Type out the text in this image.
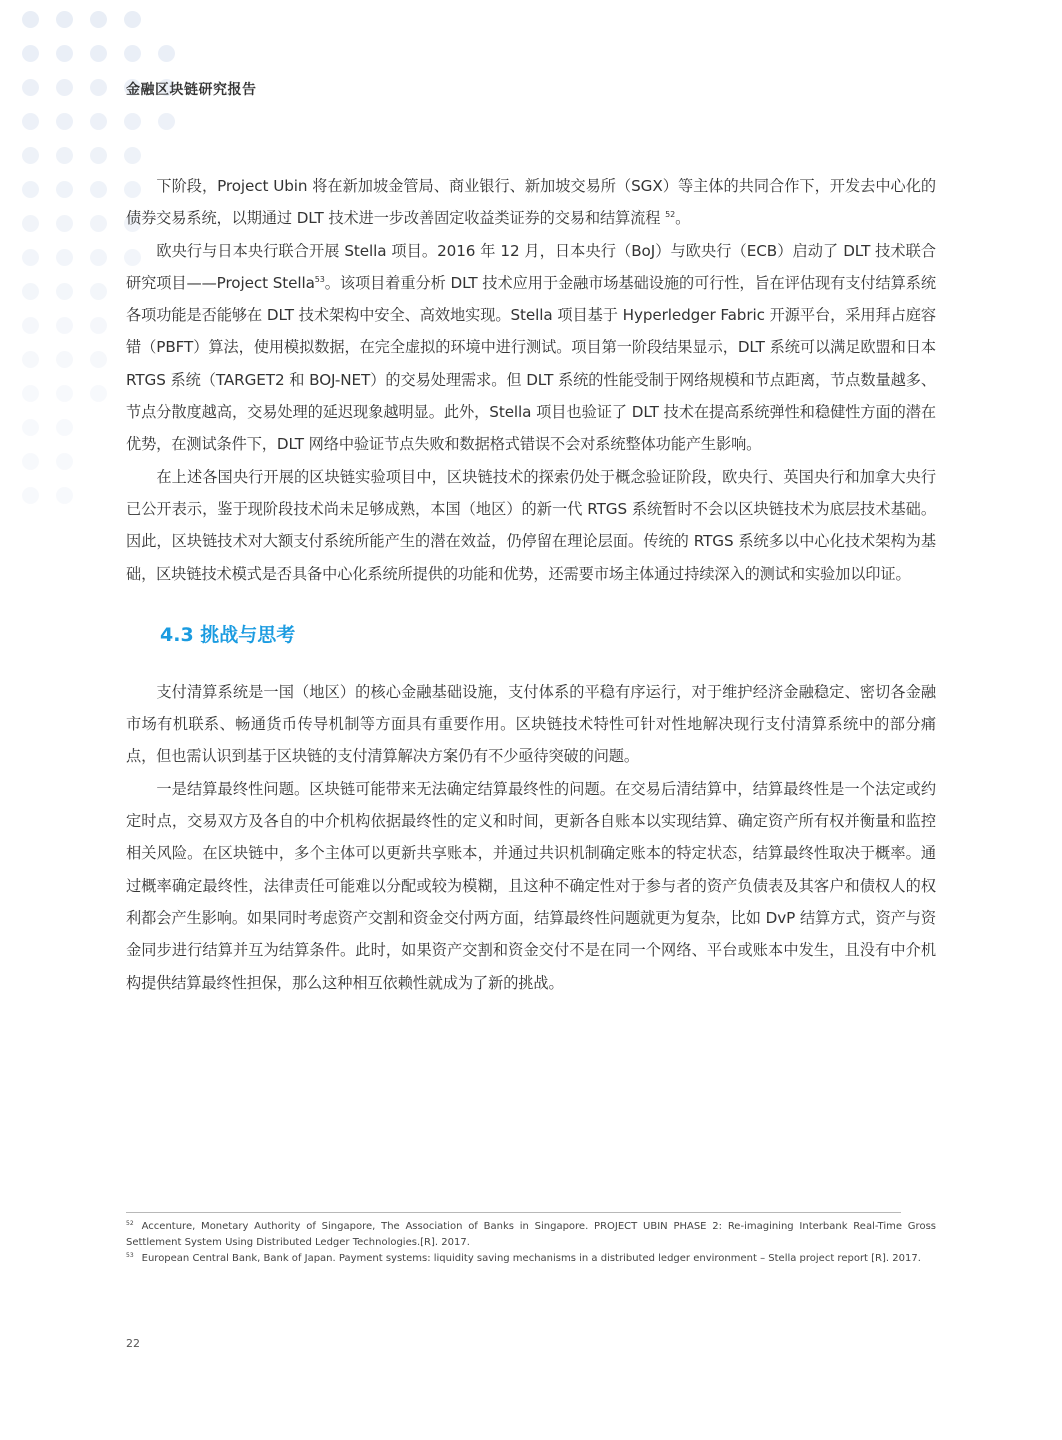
金融区块链研究报告

下阶段，Project Ubin 将在新加坡金管局、商业银行、新加坡交易所（SGX）等主体的共同合作下，开发去中心化的债券交易系统，以期通过 DLT 技术进一步改善固定收益类证券的交易和结算流程 $^{52}$。

欧央行与日本央行联合开展 Stella 项目。2016 年 12 月，日本央行（BoJ）与欧央行（ECB）启动了 DLT 技术联合研究项目——Project Stella$^{53}$。该项目着重分析 DLT 技术应用于金融市场基础设施的可行性，旨在评估现有支付结算系统各项功能是否能够在 DLT 技术架构中安全、高效地实现。Stella 项目基于 Hyperledger Fabric 开源平台，采用拜占庭容错（PBFT）算法，使用模拟数据，在完全虚拟的环境中进行测试。项目第一阶段结果显示，DLT 系统可以满足欧盟和日本 RTGS 系统（TARGET2 和 BOJ-NET）的交易处理需求。但 DLT 系统的性能受制于网络规模和节点距离，节点数量越多、节点分散度越高，交易处理的延迟现象越明显。此外，Stella 项目也验证了 DLT 技术在提高系统弹性和稳健性方面的潜在优势，在测试条件下，DLT 网络中验证节点失败和数据格式错误不会对系统整体功能产生影响。

在上述各国央行开展的区块链实验项目中，区块链技术的探索仍处于概念验证阶段，欧央行、英国央行和加拿大央行已公开表示，鉴于现阶段技术尚未足够成熟，本国（地区）的新一代 RTGS 系统暂时不会以区块链技术为底层技术基础。因此，区块链技术对大额支付系统所能产生的潜在效益，仍停留在理论层面。传统的 RTGS 系统多以中心化技术架构为基础，区块链技术模式是否具备中心化系统所提供的功能和优势，还需要市场主体通过持续深入的测试和实验加以印证。

4.3 挑战与思考

支付清算系统是一国（地区）的核心金融基础设施，支付体系的平稳有序运行，对于维护经济金融稳定、密切各金融市场有机联系、畅通货币传导机制等方面具有重要作用。区块链技术特性可针对性地解决现行支付清算系统中的部分痛点，但也需认识到基于区块链的支付清算解决方案仍有不少亟待突破的问题。

一是结算最终性问题。区块链可能带来无法确定结算最终性的问题。在交易后清结算中，结算最终性是一个法定或约定时点，交易双方及各自的中介机构依据最终性的定义和时间，更新各自账本以实现结算、确定资产所有权并衡量和监控相关风险。在区块链中，多个主体可以更新共享账本，并通过共识机制确定账本的特定状态，结算最终性取决于概率。通过概率确定最终性，法律责任可能难以分配或较为模糊，且这种不确定性对于参与者的资产负债表及其客户和债权人的权利都会产生影响。如果同时考虑资产交割和资金交付两方面，结算最终性问题就更为复杂，比如 DvP 结算方式，资产与资金同步进行结算并互为结算条件。此时，如果资产交割和资金交付不是在同一个网络、平台或账本中发生，且没有中介机构提供结算最终性担保，那么这种相互依赖性就成为了新的挑战。

$^{52}$ Accenture, Monetary Authority of Singapore, The Association of Banks in Singapore. PROJECT UBIN PHASE 2: Re-imagining Interbank Real-Time Gross Settlement System Using Distributed Ledger Technologies.[R]. 2017.

$^{53}$ European Central Bank, Bank of Japan. Payment systems: liquidity saving mechanisms in a distributed ledger environment – Stella project report [R]. 2017.

22
